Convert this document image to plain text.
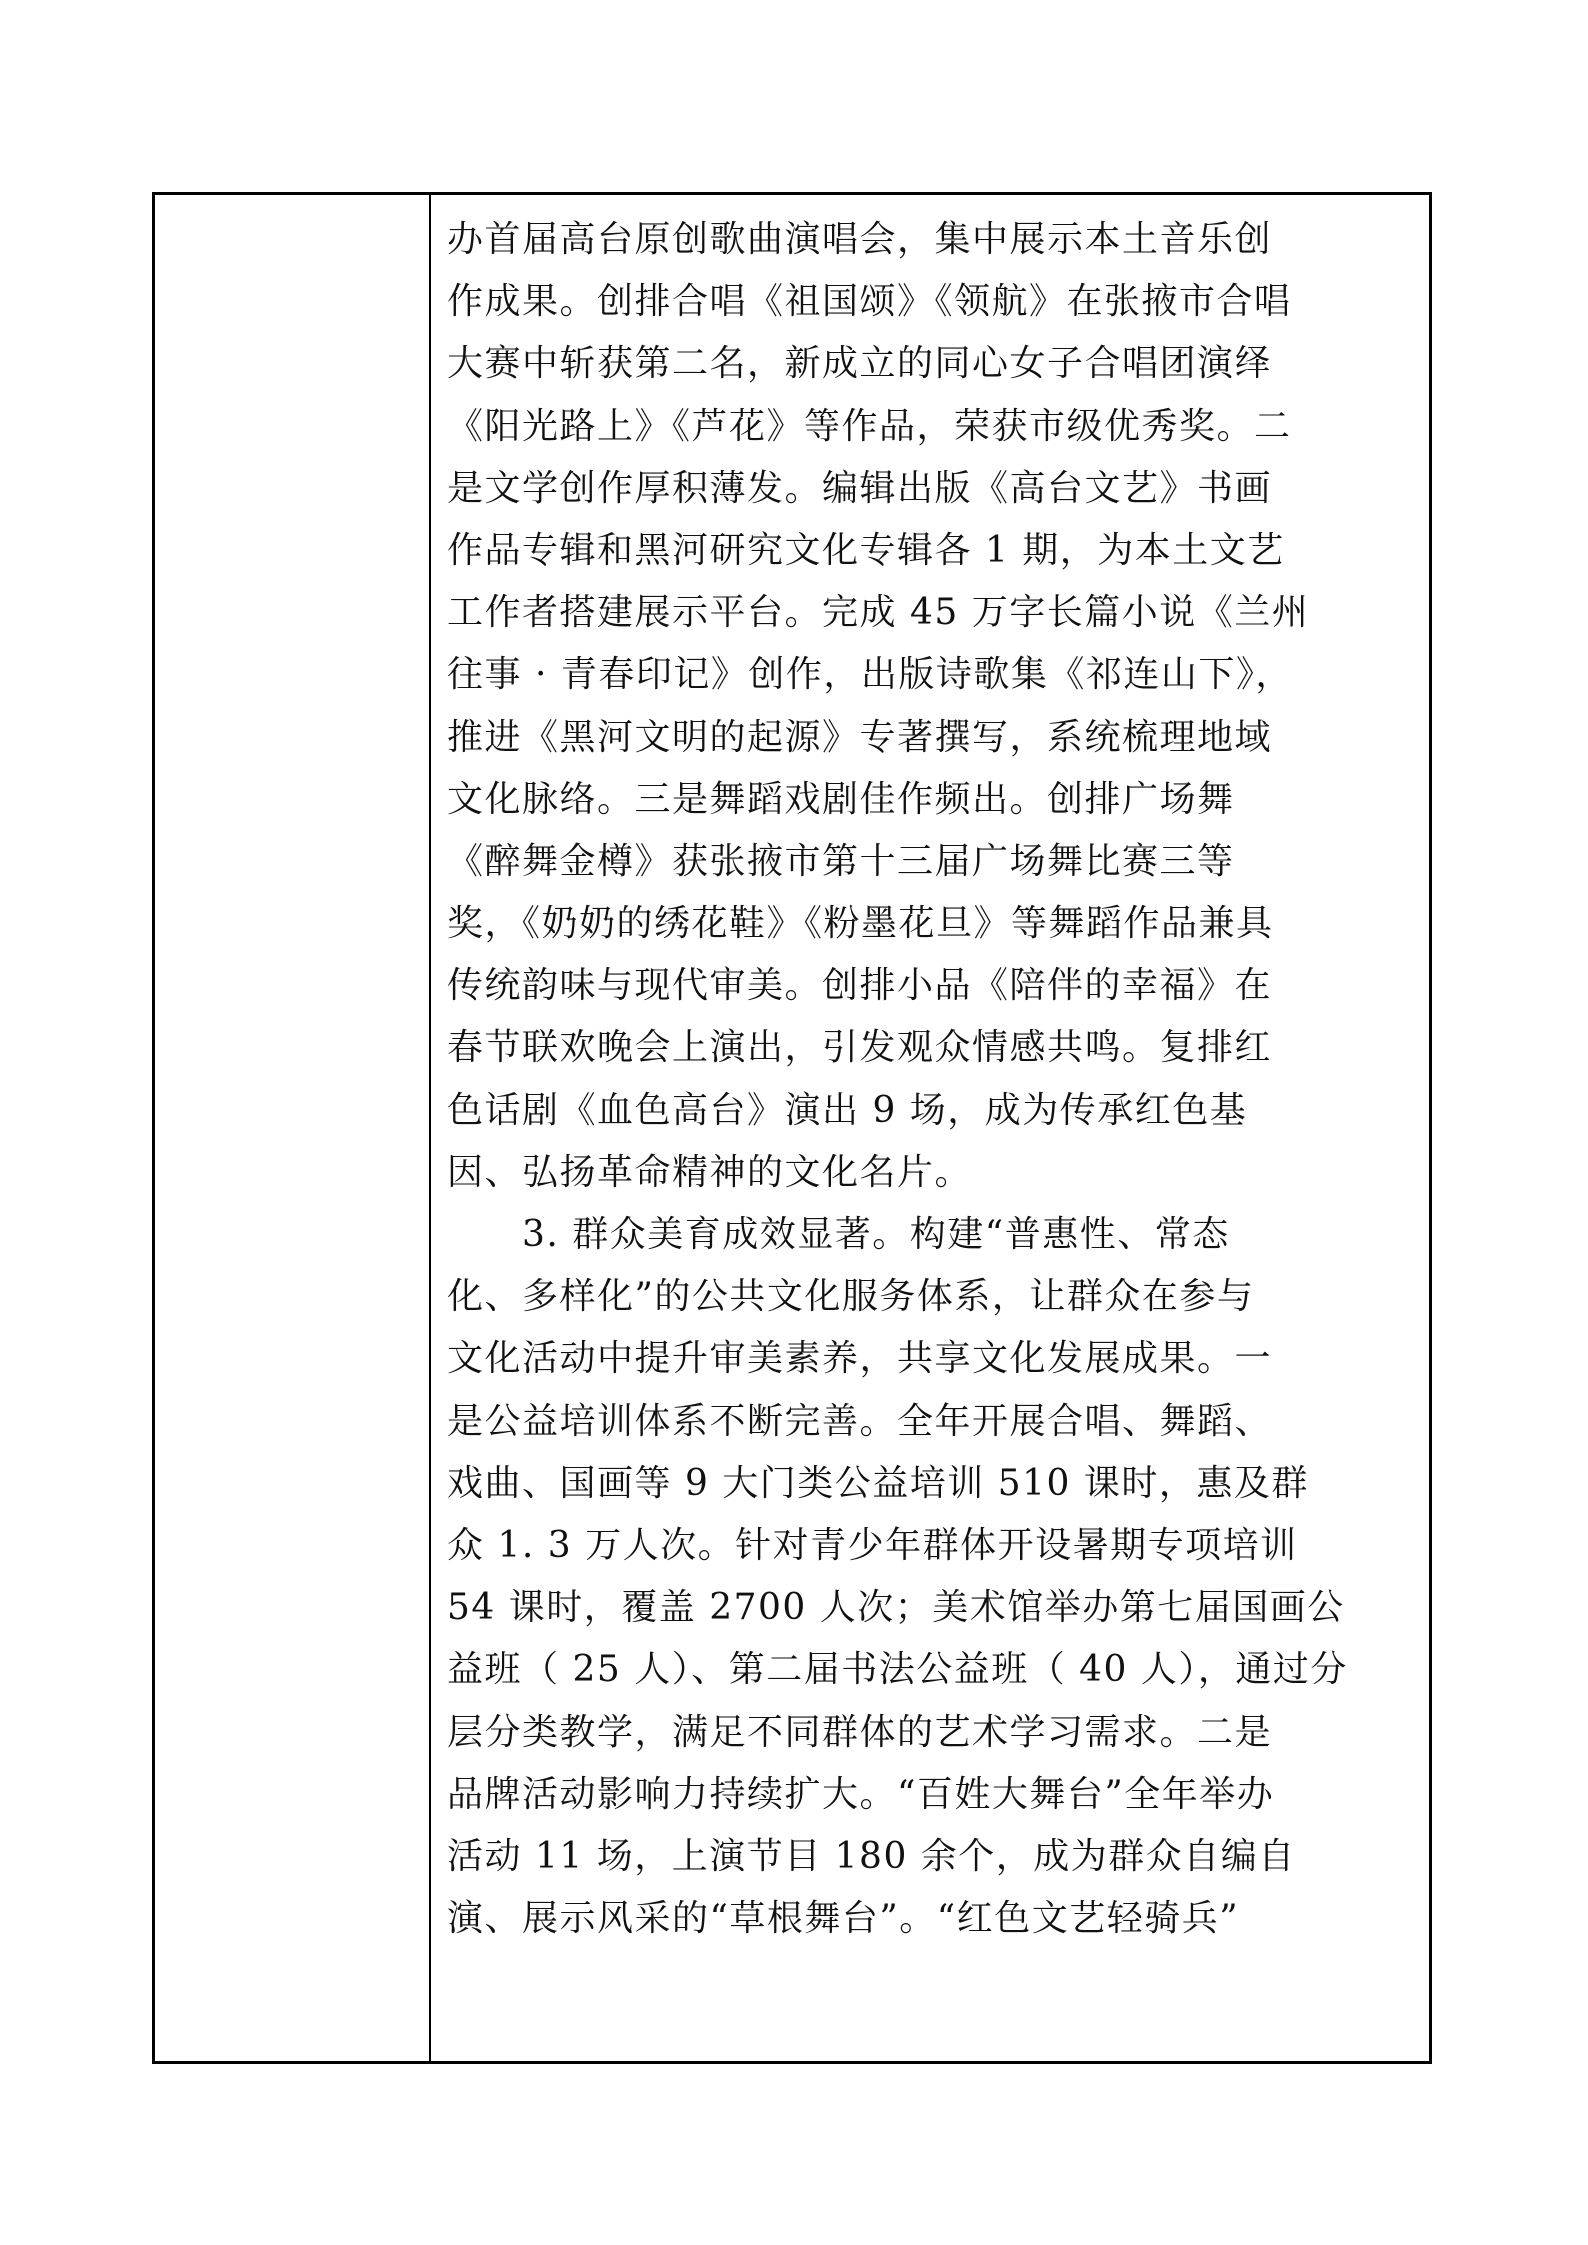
办首届高台原创歌曲演唱会，集中展示本土音乐创
作成果。创排合唱《祖国颂》《领航》在张掖市合唱
大赛中斩获第二名，新成立的同心女子合唱团演绎
《阳光路上》《芦花》等作品，荣获市级优秀奖。二
是文学创作厚积薄发。编辑出版《高台文艺》书画
作品专辑和黑河研究文化专辑各 1 期，为本土文艺
工作者搭建展示平台。完成 45 万字长篇小说《兰州
往事 · 青春印记》创作，出版诗歌集《祁连山下》，
推进《黑河文明的起源》专著撰写，系统梳理地域
文化脉络。三是舞蹈戏剧佳作频出。创排广场舞
《醉舞金樽》获张掖市第十三届广场舞比赛三等
奖，《奶奶的绣花鞋》《粉墨花旦》等舞蹈作品兼具
传统韵味与现代审美。创排小品《陪伴的幸福》在
春节联欢晚会上演出，引发观众情感共鸣。复排红
色话剧《血色高台》演出 9 场，成为传承红色基
因、弘扬革命精神的文化名片。
　　3. 群众美育成效显著。构建“普惠性、常态
化、多样化”的公共文化服务体系，让群众在参与
文化活动中提升审美素养，共享文化发展成果。一
是公益培训体系不断完善。全年开展合唱、舞蹈、
戏曲、国画等 9 大门类公益培训 510 课时，惠及群
众 1. 3 万人次。针对青少年群体开设暑期专项培训
54 课时，覆盖 2700 人次；美术馆举办第七届国画公
益班（ 25 人）、第二届书法公益班（ 40 人），通过分
层分类教学，满足不同群体的艺术学习需求。二是
品牌活动影响力持续扩大。“百姓大舞台”全年举办
活动 11 场，上演节目 180 余个，成为群众自编自
演、展示风采的“草根舞台”。“红色文艺轻骑兵”
